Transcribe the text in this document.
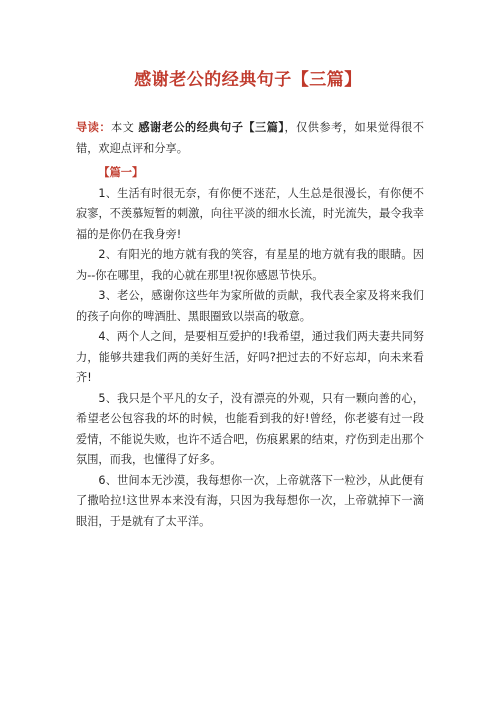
感谢老公的经典句子【三篇】

导读：本文 感谢老公的经典句子【三篇】，仅供参考，如果觉得很不错，欢迎点评和分享。

【篇一】

1、生活有时很无奈，有你便不迷茫，人生总是很漫长，有你便不寂寥，不羡慕短暂的刺激，向往平淡的细水长流，时光流失，最令我幸福的是你仍在我身旁!

2、有阳光的地方就有我的笑容，有星星的地方就有我的眼睛。因为--你在哪里，我的心就在那里!祝你感恩节快乐。

3、老公，感谢你这些年为家所做的贡献，我代表全家及将来我们的孩子向你的啤酒肚、黑眼圈致以崇高的敬意。

4、两个人之间，是要相互爱护的!我希望，通过我们两夫妻共同努力，能够共建我们两的美好生活，好吗?把过去的不好忘却，向未来看齐!

5、我只是个平凡的女子，没有漂亮的外观，只有一颗向善的心，希望老公包容我的坏的时候，也能看到我的好!曾经，你老婆有过一段爱情，不能说失败，也许不适合吧，伤痕累累的结束，疗伤到走出那个氛围，而我，也懂得了好多。

6、世间本无沙漠，我每想你一次，上帝就落下一粒沙，从此便有了撒哈拉!这世界本来没有海，只因为我每想你一次，上帝就掉下一滴眼泪，于是就有了太平洋。
